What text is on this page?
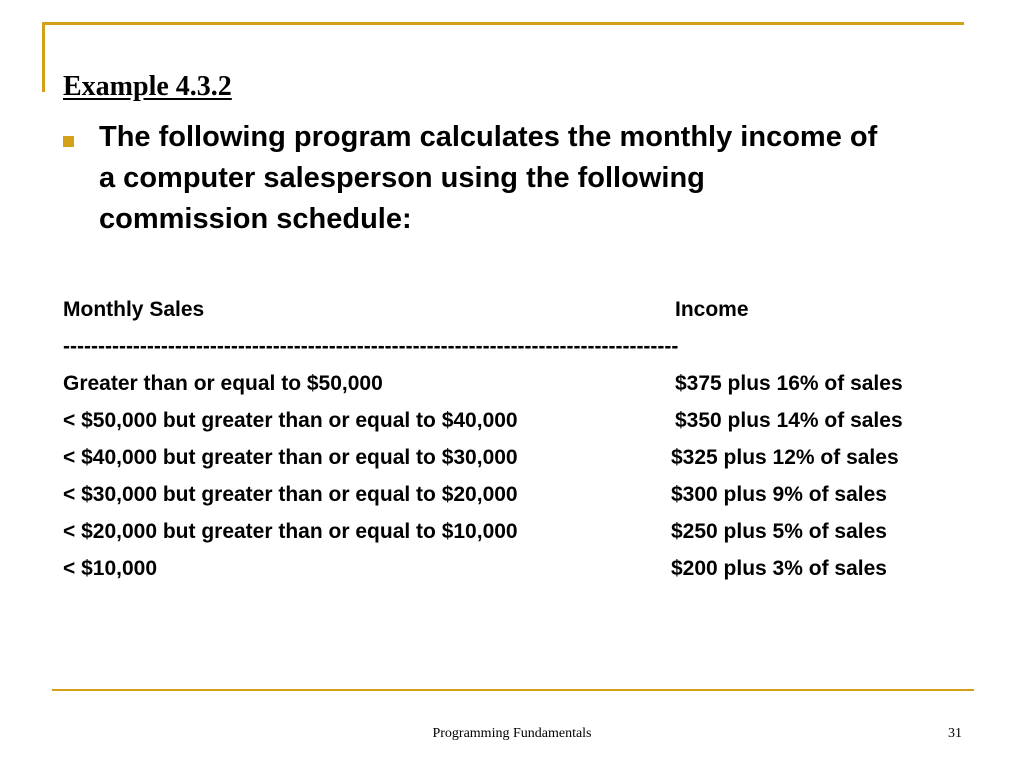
Example 4.3.2
The following program calculates the monthly income of a computer salesperson using the following commission schedule:
Monthly Sales	Income
----------------------------------------------------------------------------------------
Greater than or equal to $50,000	$375 plus 16% of sales
< $50,000 but greater than or equal to $40,000	$350 plus 14% of sales
< $40,000 but greater than or equal to $30,000	$325 plus 12% of sales
< $30,000 but greater than or equal to $20,000	$300 plus 9% of sales
< $20,000 but greater than or equal to $10,000	$250 plus 5% of sales
< $10,000	$200 plus 3% of sales
Programming Fundamentals	31
